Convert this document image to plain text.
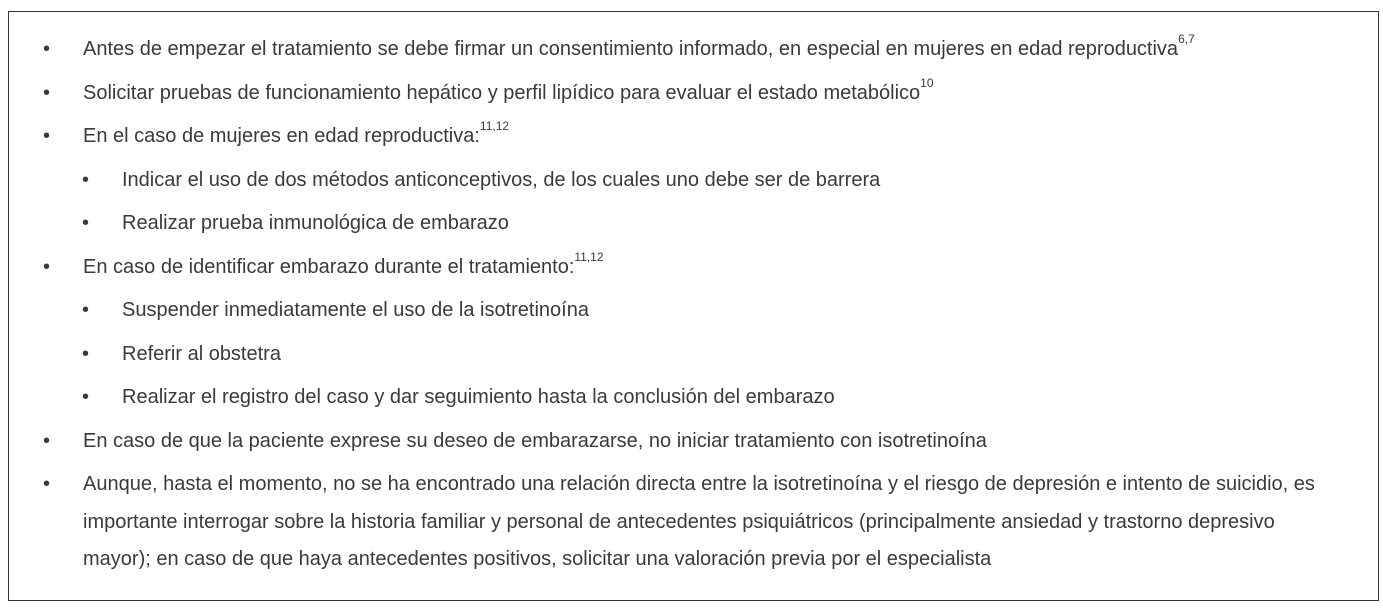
• Antes de empezar el tratamiento se debe firmar un consentimiento informado, en especial en mujeres en edad reproductiva$^{6,7}$
• Solicitar pruebas de funcionamiento hepático y perfil lipídico para evaluar el estado metabólico$^{10}$
• En el caso de mujeres en edad reproductiva:$^{11,12}$
• Indicar el uso de dos métodos anticonceptivos, de los cuales uno debe ser de barrera
• Realizar prueba inmunológica de embarazo
• En caso de identificar embarazo durante el tratamiento:$^{11,12}$
• Suspender inmediatamente el uso de la isotretinoína
• Referir al obstetra
• Realizar el registro del caso y dar seguimiento hasta la conclusión del embarazo
• En caso de que la paciente exprese su deseo de embarazarse, no iniciar tratamiento con isotretinoína
• Aunque, hasta el momento, no se ha encontrado una relación directa entre la isotretinoína y el riesgo de depresión e intento de suicidio, es importante interrogar sobre la historia familiar y personal de antecedentes psiquiátricos (principalmente ansiedad y trastorno depresivo mayor); en caso de que haya antecedentes positivos, solicitar una valoración previa por el especialista
